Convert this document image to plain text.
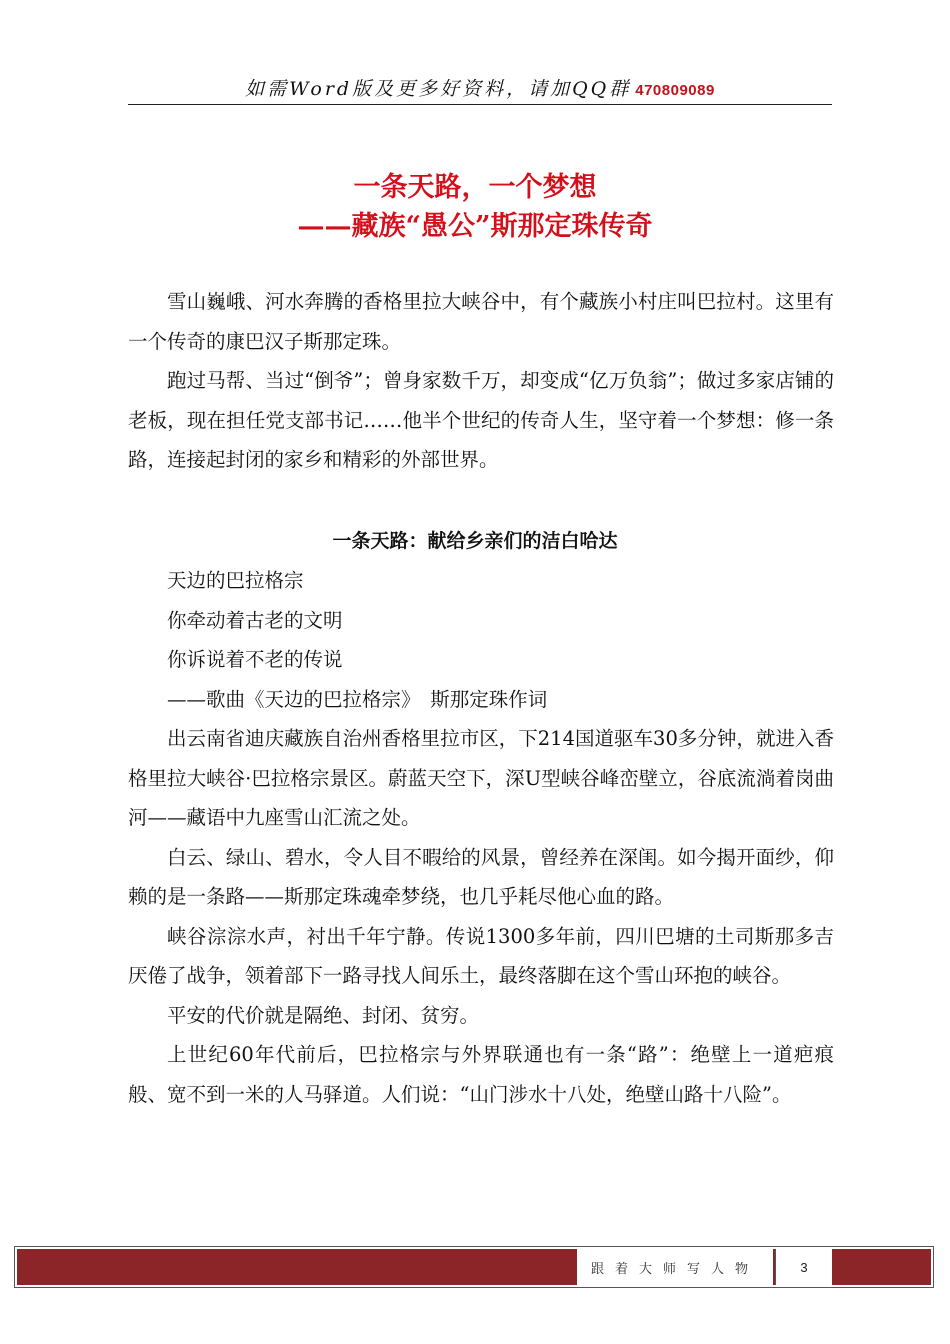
如需Word版及更多好资料，请加QQ群 470809089
一条天路，一个梦想
——藏族“愚公”斯那定珠传奇

雪山巍峨、河水奔腾的香格里拉大峡谷中，有个藏族小村庄叫巴拉村。这里有一个传奇的康巴汉子斯那定珠。

跑过马帮、当过“倒爷”；曾身家数千万，却变成“亿万负翁”；做过多家店铺的老板，现在担任党支部书记……他半个世纪的传奇人生，坚守着一个梦想：修一条路，连接起封闭的家乡和精彩的外部世界。

一条天路：献给乡亲们的洁白哈达

天边的巴拉格宗

你牵动着古老的文明

你诉说着不老的传说

——歌曲《天边的巴拉格宗》　斯那定珠作词

出云南省迪庆藏族自治州香格里拉市区，下214国道驱车30多分钟，就进入香格里拉大峡谷·巴拉格宗景区。蔚蓝天空下，深U型峡谷峰峦壁立，谷底流淌着岗曲河——藏语中九座雪山汇流之处。

白云、绿山、碧水，令人目不暇给的风景，曾经养在深闺。如今揭开面纱，仰赖的是一条路——斯那定珠魂牵梦绕，也几乎耗尽他心血的路。

峡谷淙淙水声，衬出千年宁静。传说1300多年前，四川巴塘的土司斯那多吉厌倦了战争，领着部下一路寻找人间乐土，最终落脚在这个雪山环抱的峡谷。

平安的代价就是隔绝、封闭、贫穷。

上世纪60年代前后，巴拉格宗与外界联通也有一条“路”：绝壁上一道疤痕般、宽不到一米的人马驿道。人们说：“山门涉水十八处，绝壁山路十八险”。

跟着大师写人物	3
